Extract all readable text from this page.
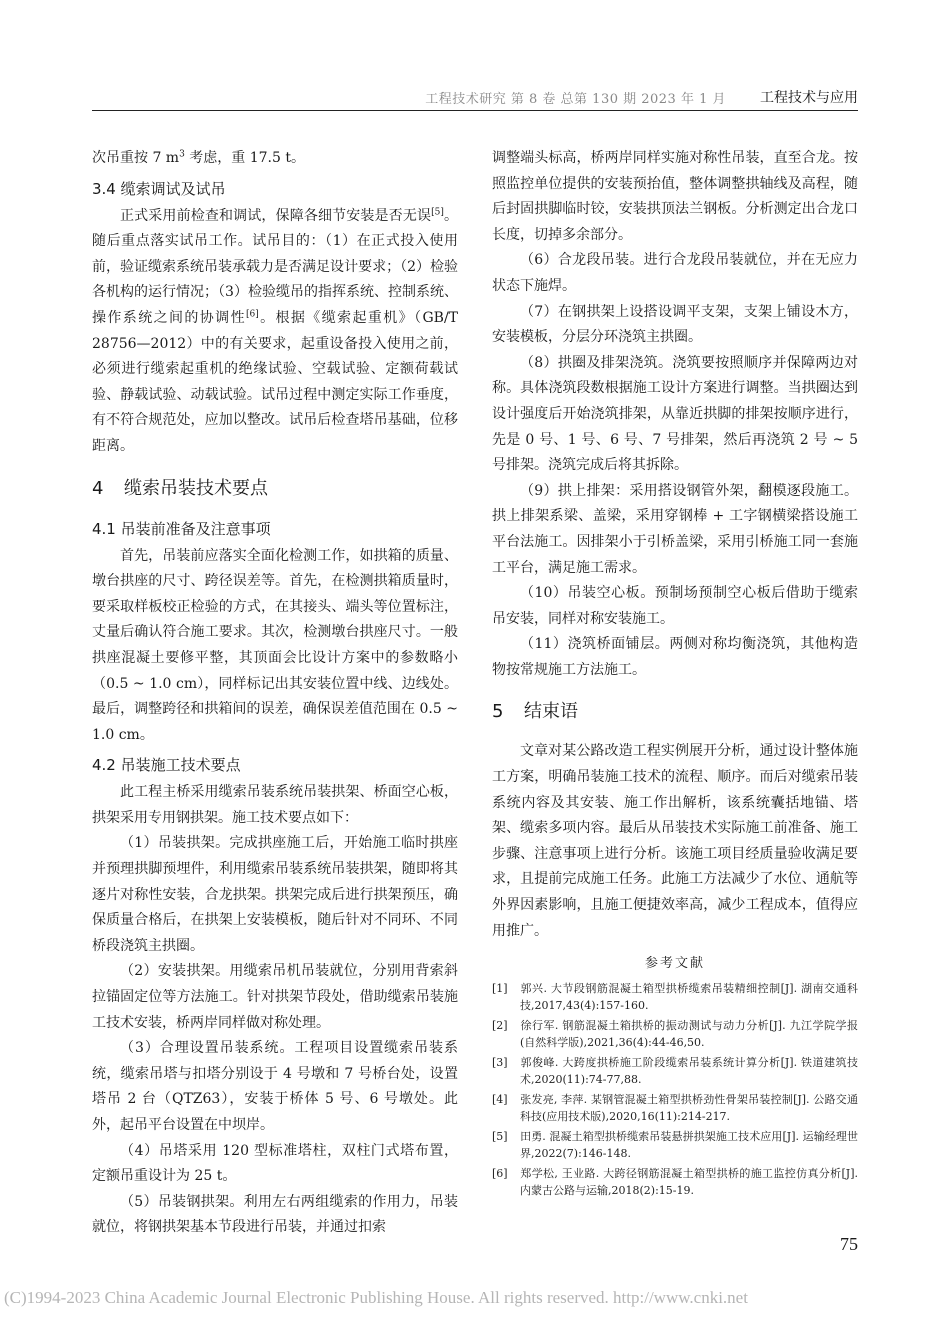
工程技术研究 第 8 卷 总第 130 期 2023 年 1 月 工程技术与应用

次吊重按 7 $m^3$ 考虑，重 17.5 t。

3.4 缆索调试及试吊

正式采用前检查和调试，保障各细节安装是否无误[5]。随后重点落实试吊工作。试吊目的：（1）在正式投入使用前，验证缆索系统吊装承载力是否满足设计要求；（2）检验各机构的运行情况；（3）检验缆吊的指挥系统、控制系统、操作系统之间的协调性[6]。根据《缆索起重机》（GB/T 28756—2012）中的有关要求，起重设备投入使用之前，必须进行缆索起重机的绝缘试验、空载试验、定额荷载试验、静载试验、动载试验。试吊过程中测定实际工作垂度，有不符合规范处，应加以整改。试吊后检查塔吊基础，位移距离。

4 缆索吊装技术要点
4.1 吊装前准备及注意事项

首先，吊装前应落实全面化检测工作，如拱箱的质量、墩台拱座的尺寸、跨径误差等。首先，在检测拱箱质量时，要采取样板校正检验的方式，在其接头、端头等位置标注，丈量后确认符合施工要求。其次，检测墩台拱座尺寸。一般拱座混凝土要修平整，其顶面会比设计方案中的参数略小（0.5 ~ 1.0 cm），同样标记出其安装位置中线、边线处。最后，调整跨径和拱箱间的误差，确保误差值范围在 0.5 ~ 1.0 cm。

4.2 吊装施工技术要点

此工程主桥采用缆索吊装系统吊装拱架、桥面空心板，拱架采用专用钢拱架。施工技术要点如下：

（1）吊装拱架。完成拱座施工后，开始施工临时拱座并预理拱脚预埋件，利用缆索吊装系统吊装拱架，随即将其逐片对称性安装，合龙拱架。拱架完成后进行拱架预压，确保质量合格后，在拱架上安装模板，随后针对不同环、不同桥段浇筑主拱圈。

（2）安装拱架。用缆索吊机吊装就位，分别用背索斜拉锚固定位等方法施工。针对拱架节段处，借助缆索吊装施工技术安装，桥两岸同样做对称处理。

（3）合理设置吊装系统。工程项目设置缆索吊装系统，缆索吊塔与扣塔分别设于 4 号墩和 7 号桥台处，设置塔吊 2 台（QTZ63），安装于桥体 5 号、6 号墩处。此外，起吊平台设置在中坝岸。

（4）吊塔采用 120 型标准塔柱，双柱门式塔布置，定额吊重设计为 25 t。

（5）吊装钢拱架。利用左右两组缆索的作用力，吊装就位，将钢拱架基本节段进行吊装，并通过扣索

调整端头标高，桥两岸同样实施对称性吊装，直至合龙。按照监控单位提供的安装预抬值，整体调整拱轴线及高程，随后封固拱脚临时铰，安装拱顶法兰钢板。分析测定出合龙口长度，切掉多余部分。

（6）合龙段吊装。进行合龙段吊装就位，并在无应力状态下施焊。

（7）在钢拱架上设搭设调平支架，支架上铺设木方，安装模板，分层分环浇筑主拱圈。

（8）拱圈及排架浇筑。浇筑要按照顺序并保障两边对称。具体浇筑段数根据施工设计方案进行调整。当拱圈达到设计强度后开始浇筑排架，从靠近拱脚的排架按顺序进行，先是 0 号、1 号、6 号、7 号排架，然后再浇筑 2 号 ~ 5 号排架。浇筑完成后将其拆除。

（9）拱上排架：采用搭设钢管外架，翻模逐段施工。拱上排架系梁、盖梁，采用穿钢棒 + 工字钢横梁搭设施工平台法施工。因排架小于引桥盖梁，采用引桥施工同一套施工平台，满足施工需求。

（10）吊装空心板。预制场预制空心板后借助于缆索吊安装，同样对称安装施工。

（11）浇筑桥面铺层。两侧对称均衡浇筑，其他构造物按常规施工方法施工。

5 结束语

文章对某公路改造工程实例展开分析，通过设计整体施工方案，明确吊装施工技术的流程、顺序。而后对缆索吊装系统内容及其安装、施工作出解析，该系统囊括地锚、塔架、缆索多项内容。最后从吊装技术实际施工前准备、施工步骤、注意事项上进行分析。该施工项目经质量验收满足要求，且提前完成施工任务。此施工方法减少了水位、通航等外界因素影响，且施工便捷效率高，减少工程成本，值得应用推广。

参考文献

[1] 郭兴. 大节段钢筋混凝土箱型拱桥缆索吊装精细控制[J]. 湖南交通科技,2017,43(4):157-160.

[2] 徐行军. 钢筋混凝土箱拱桥的振动测试与动力分析[J]. 九江学院学报(自然科学版),2021,36(4):44-46,50.

[3] 郭俊峰. 大跨度拱桥施工阶段缆索吊装系统计算分析[J]. 铁道建筑技术,2020(11):74-77,88.

[4] 张发亮, 李萍. 某钢管混凝土箱型拱桥劲性骨架吊装控制[J]. 公路交通科技(应用技术版),2020,16(11):214-217.

[5] 田勇. 混凝土箱型拱桥缆索吊装悬拼拱架施工技术应用[J]. 运输经理世界,2022(7):146-148.

[6] 郑学松, 王业路. 大跨径钢筋混凝土箱型拱桥的施工监控仿真分析[J]. 内蒙古公路与运输,2018(2):15-19.

75
(C)1994-2023 China Academic Journal Electronic Publishing House. All rights reserved. http://www.cnki.net
